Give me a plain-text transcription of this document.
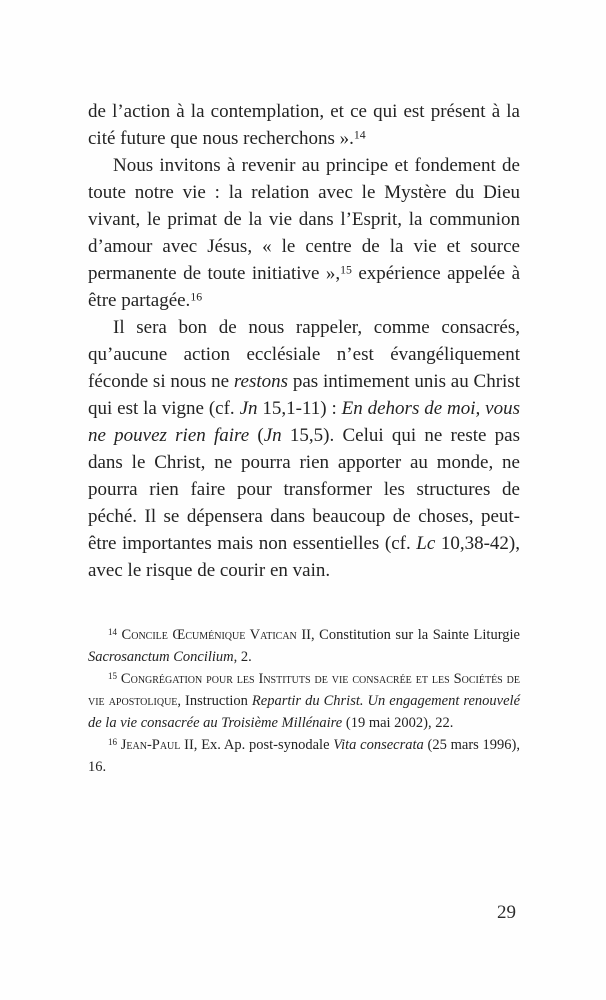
de l’action à la contemplation, et ce qui est présent à la cité future que nous recherchons ».$^{14}$

Nous invitons à revenir au principe et fondement de toute notre vie : la relation avec le Mystère du Dieu vivant, le primat de la vie dans l’Esprit, la communion d’amour avec Jésus, « le centre de la vie et source permanente de toute initiative »,$^{15}$ expérience appelée à être partagée.$^{16}$

Il sera bon de nous rappeler, comme consacrés, qu’aucune action ecclésiale n’est évangéliquement féconde si nous ne restons pas intimement unis au Christ qui est la vigne (cf. Jn 15,1-11) : En dehors de moi, vous ne pouvez rien faire (Jn 15,5). Celui qui ne reste pas dans le Christ, ne pourra rien apporter au monde, ne pourra rien faire pour transformer les structures de péché. Il se dépensera dans beaucoup de choses, peut-être importantes mais non essentielles (cf. Lc 10,38-42), avec le risque de courir en vain.

$^{14}$ Concile Œcuménique Vatican II, Constitution sur la Sainte Liturgie Sacrosanctum Concilium, 2.

$^{15}$ Congrégation pour les Instituts de vie consacrée et les Sociétés de vie apostolique, Instruction Repartir du Christ. Un engagement renouvelé de la vie consacrée au Troisième Millénaire (19 mai 2002), 22.

$^{16}$ Jean-Paul II, Ex. Ap. post-synodale Vita consecrata (25 mars 1996), 16.

29
